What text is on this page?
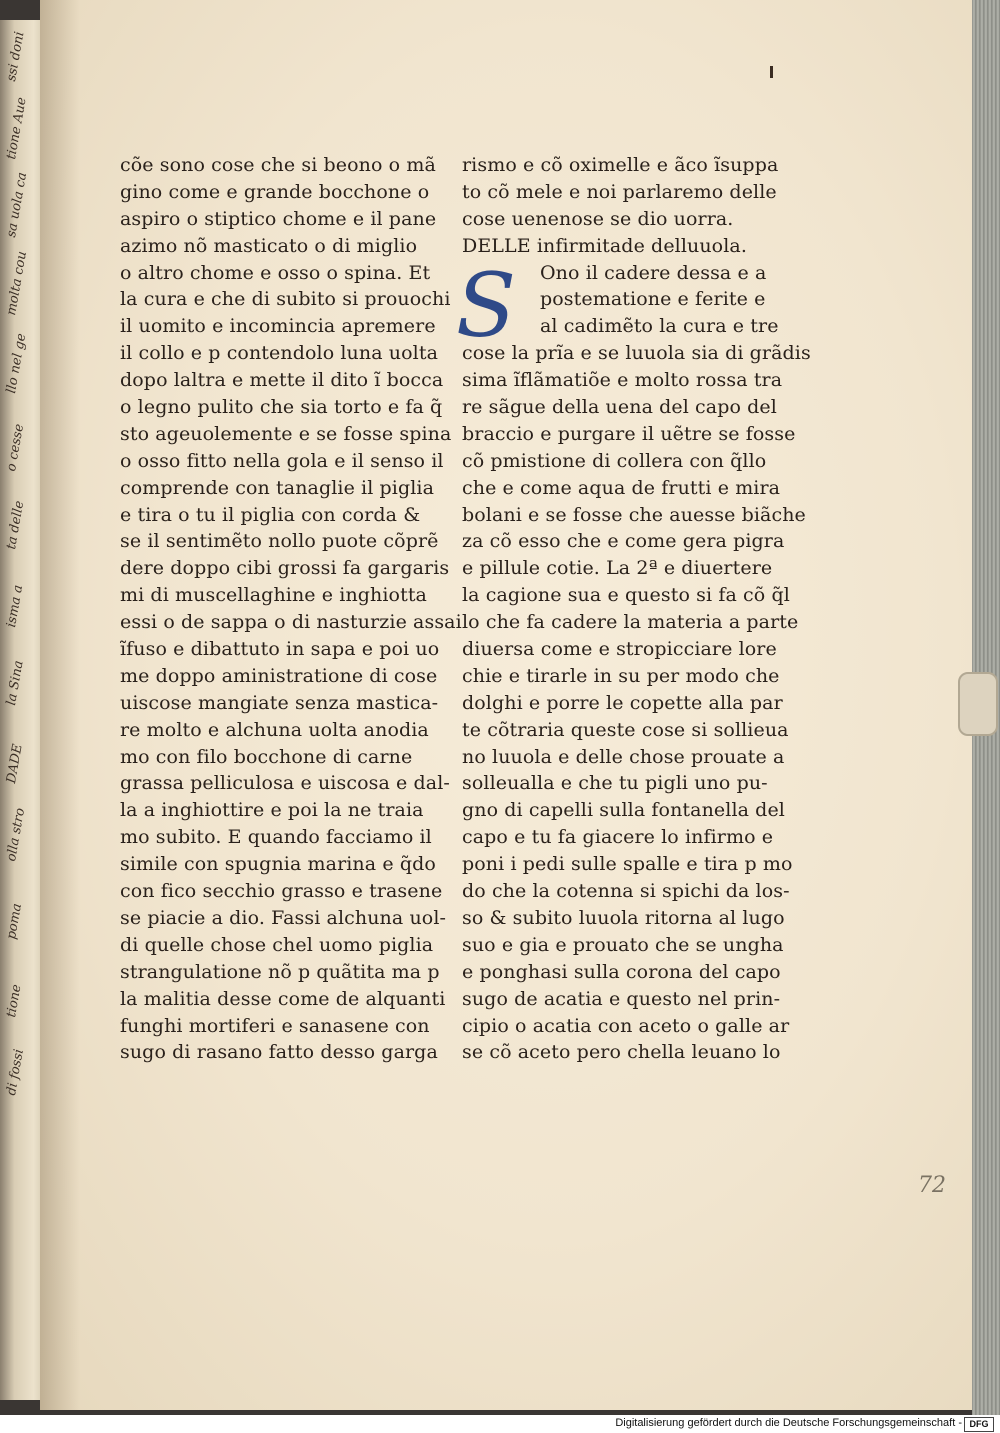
ssi doni
tione Aue
sa uola ca
molta cou
llo nel ge
o cesse
ta delle
isma a
la Sina
DADE
olla stro
poma
tione
di fossi
cõe sono cose che si beono o mã
gino come e grande bocchone o
aspiro o stiptico chome e il pane
azimo nõ masticato o di miglio
o altro chome e osso o spina. Et
la cura e che di subito si prouochi
il uomito e incomincia apremere
il collo e p contendolo luna uolta
dopo laltra e mette il dito ĩ bocca
o legno pulito che sia torto e fa q̃
sto ageuolemente e se fosse spina
o osso fitto nella gola e il senso il
comprende con tanaglie il piglia
e tira o tu il piglia con corda &
se il sentimẽto nollo puote cõprẽ
dere doppo cibi grossi fa gargaris
mi di muscellaghine e inghiotta
essi o de sappa o di nasturzie assai
ĩfuso e dibattuto in sapa e poi uo
me doppo aministratione di cose
uiscose mangiate senza mastica-
re molto e alchuna uolta anodia
mo con filo bocchone di carne
grassa pelliculosa e uiscosa e dal-
la a inghiottire e poi la ne traia
mo subito. E quando facciamo il
simile con spugnia marina e q̃do
con fico secchio grasso e trasene
se piacie a dio. Fassi alchuna uol-
di quelle chose chel uomo piglia
strangulatione nõ p quãtita ma p
la malitia desse come de alquanti
funghi mortiferi e sanasene con
sugo di rasano fatto desso garga
S
rismo e cõ oximelle e ãco ĩsuppa
to cõ mele e noi parlaremo delle
cose uenenose se dio uorra.
DELLE infirmitade delluuola.
Ono il cadere dessa e a
postematione e ferite e
al cadimẽto la cura e tre
cose la prĩa e se luuola sia di grãdis
sima ĩflãmatiõe e molto rossa tra
re sãgue della uena del capo del
braccio e purgare il uẽtre se fosse
cõ pmistione di collera con q̃llo
che e come aqua de frutti e mira
bolani e se fosse che auesse biãche
za cõ esso che e come gera pigra
e pillule cotie. La 2ª e diuertere
la cagione sua e questo si fa cõ q̃l
lo che fa cadere la materia a parte
diuersa come e stropicciare lore
chie e tirarle in su per modo che
dolghi e porre le copette alla par
te cõtraria queste cose si sollieua
no luuola e delle chose prouate a
solleualla e che tu pigli uno pu-
gno di capelli sulla fontanella del
capo e tu fa giacere lo infirmo e
poni i pedi sulle spalle e tira p mo
do che la cotenna si spichi da los-
so & subito luuola ritorna al lugo
suo e gia e prouato che se ungha
e ponghasi sulla corona del capo
sugo de acatia e questo nel prin-
cipio o acatia con aceto o galle ar
se cõ aceto pero chella leuano lo
72
Digitalisierung gefördert durch die Deutsche Forschungsgemeinschaft - DFG
